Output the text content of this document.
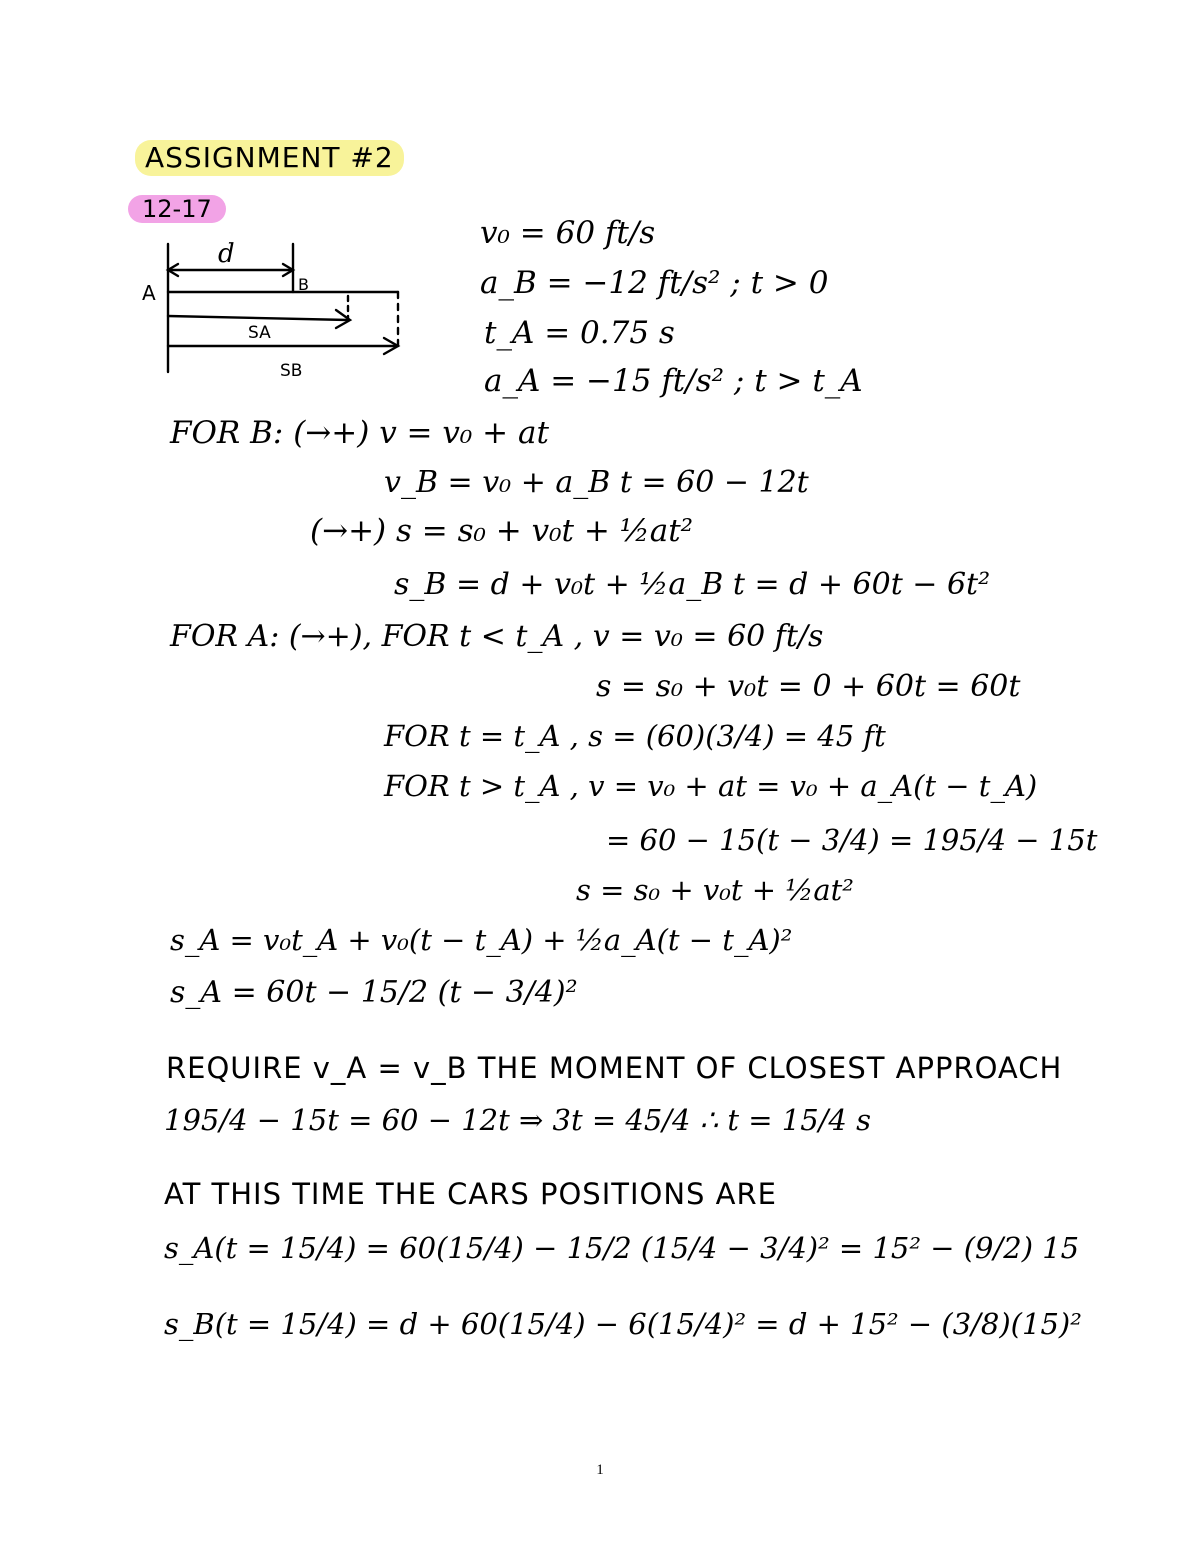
ASSIGNMENT #2
12-17
d
A	B
SA
SB
v₀ = 60 ft/s
a_B = −12 ft/s² ; t > 0
t_A = 0.75 s
a_A = −15 ft/s² ; t > t_A
FOR B: (→+) v = v₀ + at
v_B = v₀ + a_B t = 60 − 12t
(→+) s = s₀ + v₀t + ½at²
s_B = d + v₀t + ½a_B t = d + 60t − 6t²
FOR A: (→+), FOR t < t_A , v = v₀ = 60 ft/s
s = s₀ + v₀t = 0 + 60t = 60t
FOR t = t_A , s = (60)(3/4) = 45 ft
FOR t > t_A , v = v₀ + at = v₀ + a_A(t − t_A)
= 60 − 15(t − 3/4) = 195/4 − 15t
s = s₀ + v₀t + ½at²
s_A = v₀t_A + v₀(t − t_A) + ½a_A(t − t_A)²
s_A = 60t − 15/2 (t − 3/4)²
REQUIRE v_A = v_B THE MOMENT OF CLOSEST APPROACH
195/4 − 15t = 60 − 12t ⇒ 3t = 45/4 ∴ t = 15/4 s
AT THIS TIME THE CARS POSITIONS ARE
s_A(t = 15/4) = 60(15/4) − 15/2 (15/4 − 3/4)² = 15² − (9/2) 15
s_B(t = 15/4) = d + 60(15/4) − 6(15/4)² = d + 15² − (3/8)(15)²
1
